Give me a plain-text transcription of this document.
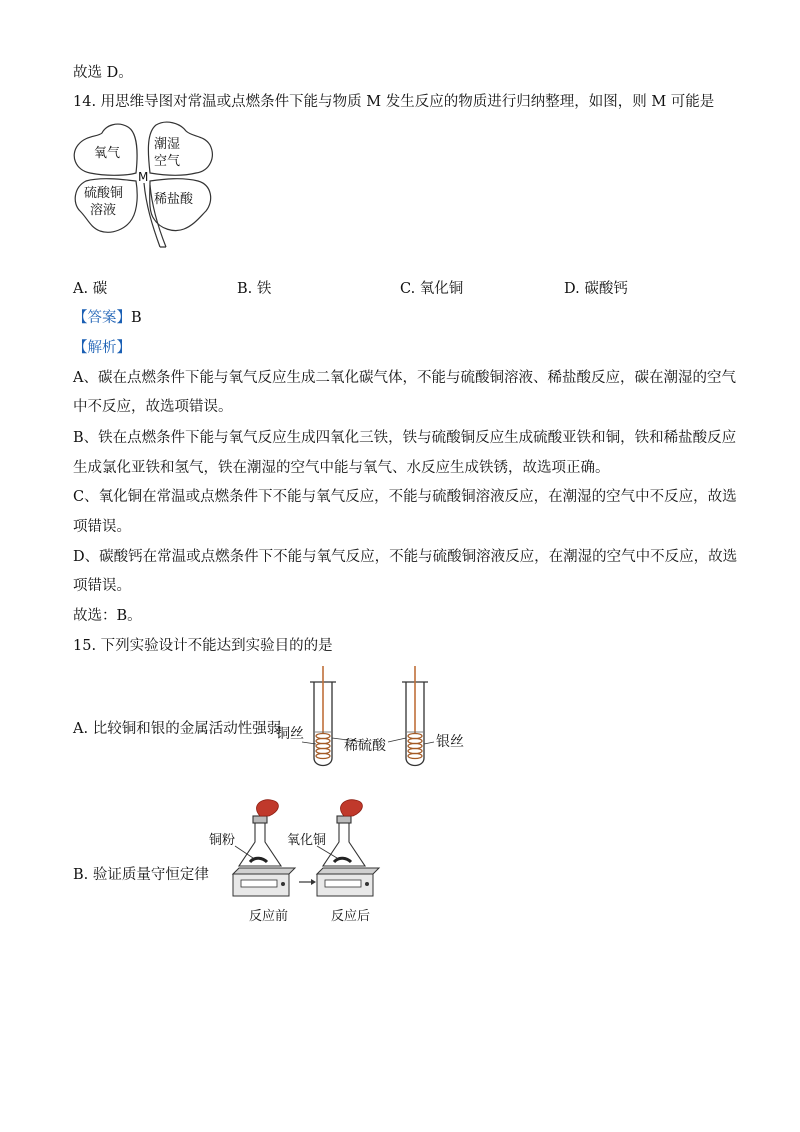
故选 D。
14. 用思维导图对常温或点燃条件下能与物质 M 发生反应的物质进行归纳整理，如图，则 M 可能是
氧气
潮湿
空气
M
硫酸铜
溶液
稀盐酸
A. 碳	B. 铁	C. 氧化铜	D. 碳酸钙
【答案】B
【解析】
A、碳在点燃条件下能与氧气反应生成二氧化碳气体，不能与硫酸铜溶液、稀盐酸反应，碳在潮湿的空气
中不反应，故选项错误。
B、铁在点燃条件下能与氧气反应生成四氧化三铁，铁与硫酸铜反应生成硫酸亚铁和铜，铁和稀盐酸反应
生成氯化亚铁和氢气，铁在潮湿的空气中能与氧气、水反应生成铁锈，故选项正确。
C、氧化铜在常温或点燃条件下不能与氧气反应，不能与硫酸铜溶液反应，在潮湿的空气中不反应，故选
项错误。
D、碳酸钙在常温或点燃条件下不能与氧气反应，不能与硫酸铜溶液反应，在潮湿的空气中不反应，故选
项错误。
故选：B。
15. 下列实验设计不能达到实验目的的是
A. 比较铜和银的金属活动性强弱
铜丝
稀硫酸	银丝
B. 验证质量守恒定律
铜粉	氧化铜
反应前	反应后
